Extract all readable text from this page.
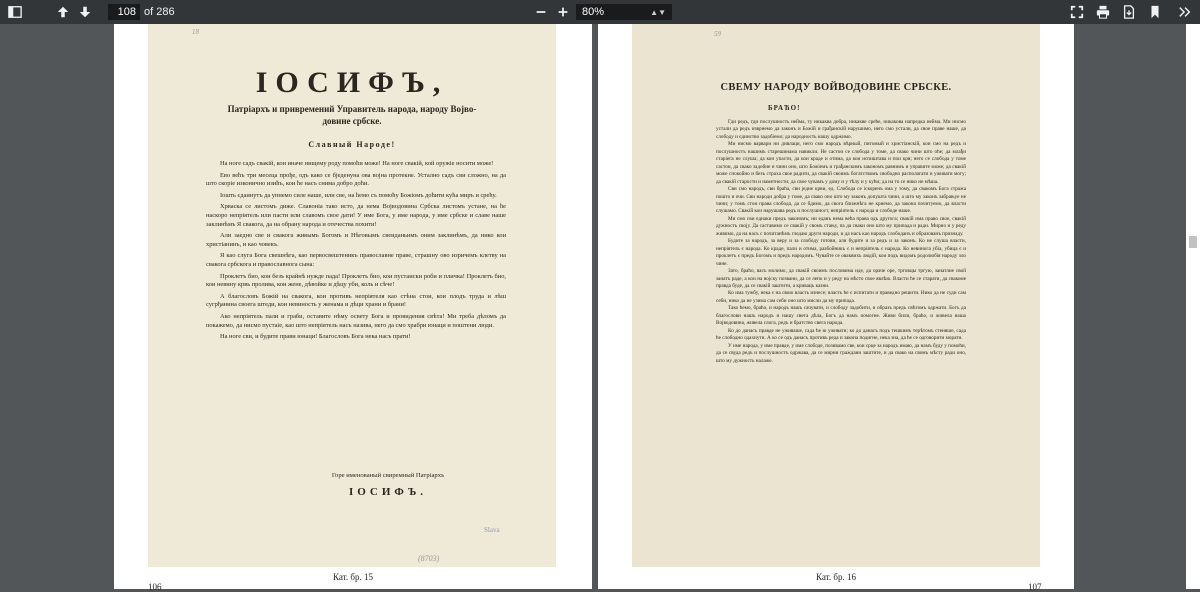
108
of 286	80%	▲▼
18
ІОСИФЪ,
Патріархъ и привремений Управитель народа, народу Војво-
довине србске.
Славный Народе!

На ноге садъ свакій, кои иначе нищему роду помоћи може! На ноге свакій, кой оружіе носити може!

Ево већъ три месеца прође, одъ како се бједенуна ова војна протекне. Устално садъ сви сложно, на да што скоріе изконично изићъ, кои ће насъ снима добро доћи.

Іошть єдаинутъ да упнемо силе наше, или све, на ћемо съ помоћу Божіомъ доћити кућа миръ и срећу.

Хрваска се листомъ диже. Славоніа тако исто, да нема Војводовина Србска листомъ устане, на ће наскоро непріятель или пасти или славомъ свое дати! У име Бога, у име народа, у име србске и славе наше заклинѣмъ Я свакога, да на обрану народа и отечества похити!

Али заедно све и свакога живымъ Богомъ и Нѣговымъ свеиданьимъ оним заклинѣмъ, да нико кои христіанинъ, и као човекъ.

Я као слуга Бога свешнѣга, као первосвештеникъ православне праве, страшну ово изричемъ клетву на свакога србскога и православнога сына:

Проклетъ био, кои безъ крайнѣ нужде пада! Проклетъ био, кои пустаиски роби и пличка! Проклетъ био, кои невину крвь пролива, кои жене, дѣвойке и дѣцу уби, коль и сѣче!

А благословъ Божій на свакога, кои противъ непріятеля као стѣна стои, кои плодъ труда и лѣш сугрђанина своега штеди, кои невиность у женама и дѣци храни и брани!

Ако непріятель пали и граби, оставите нѣму освету Бога и провидения свѣта! Ми треба дѣломъ да покажемо, да нисмо пустаіе, као што непріятель насъ назива, него да смо храбри юнаци и поштени люди.

На ноге сви, и будите прави юнаци! Благословъ Бога нека насъ прати!

Горе именованый свиремный Патріархъ
ІОСИФЪ.
Slava
(8703)
Кат. бр. 15
106
59
СВЕМУ НАРОДУ ВОЙВОДОВИНЕ СРБСКЕ.
БРАЋО!

Гди редъ, гди послушность нейма, ту никаква добра, никакве срећe, никакова напредка нейма. Ми нисмо устали да редъ изврнемо да законъ и Божій и грађанскій нарушимо, него смо устали, да свое праве наше, да слободу и єдинство задобіемо; да народность нашу одржимо.

Ми нисмо варвари ни дивлаци, него смо народъ вѣрный, питомый и христіанскій, кои смо на редъ и послушностъ нашимъ старешинама навикли. Не састои се слобода у томе, да свако чини што оће; да млађи старіега не слуша; да кои упасти, да кои краде и отима, да кои испиштава и пои крв; него се слобода у томе састои, да свако задобие и чини оно, што Божіемъ и грађанскимъ закономъ равнимъ и управите може; да свакій може спокойно и безъ страха свое радити, да свакій своимъ богатствомъ свободно располагати и уживати могу; да свакій старости и наметности; да свое чувамъ у дому и у тѣлу и у кући; да на то се нико не мѣша.

Сви смо народъ, сви браћа, сви једне крви, ед. Слобода се іскоренъ ома у тому, да свакомъ Бога стража пошто и очи. Сви народи добра у томе, да свако оно што му законъ допушта чини, а што му законъ забрањуе не чини; у томъ стои права слобода, да се бдимо, да свога ближнѣга не крнемо, да закона почитуемо, да власти слушамо. Свакій кои нарушава редъ и послушност, непріятель є народа и слободе нашe.

Ми смо сви еднаки предъ закономъ; ни еданъ нема већа права одъ другога; свакій има право свое, свакій дужность своју. Да саставимо се свакій у свомъ стању, па да сваки оно што му припада и ради. Мирно и у реду живимо, да на насъ с почитанѣмъ гледаю други народи, и да насъ као народъ слободанъ и образованъ признаду.

Будите за народъ, за веру и за слободу готови, али будите и за редъ и за законъ. Ко не слуша власти, непріятель є народа. Ко краде, пали и отима, разбойникъ є и непріятель є народа. Ко невинога убіа, убица є и проклетъ є предъ Богомъ и предъ народомъ. Чувайте се оваквихъ людій, кои подъ видомъ родолюбія народу зло чине.

Зато, браћо, васъ молимо, да свакій своимъ пословима иде, да ораче оре, трговцы тргую, занатлие свой занатъ раде, а кои на војску позвани, да се лепо и у реду на мѣсто свое явлѣю. Власти ће се старати, да свакоме правда буде, да се свакій заштити, а кривацъ казни.

Ко има тужбу, нека є на свою власть изнесе; власть ће є испитати и праведно решити. Нико да не суди сам себи, нико да не узима сам себи оно што мисли да му припада.

Тако ћемо, браћо, и народъ нашъ сачувати, и слободу задобити, и образъ предъ свѣтомъ одржати. Богъ да благослови нашъ народъ и нашу света дѣла, Богъ да намъ помогне. Живи били, браћо, и живела наша Војводовина, живела слога, редъ и братство свега народа.

Ко до данасъ правде не уживаше, сада ће ю уживати; ко до данасъ подъ тешкимъ терѣтомъ стеняше, сада ће слободно одахнути. А ко се одъ данасъ противъ реда и закона подигне, нека зна, да ће се одговорити морати.

У име народа, у име правде, у име слободе, позивамо све, кои срце за народъ имаю, да намъ буду у помоћи, да се свуда редъ и послушностъ одржава, да се мирни граждани заштите, и да свако на свомъ мѣсту ради оно, што му дужность налаже.

Кат. бр. 16
107
